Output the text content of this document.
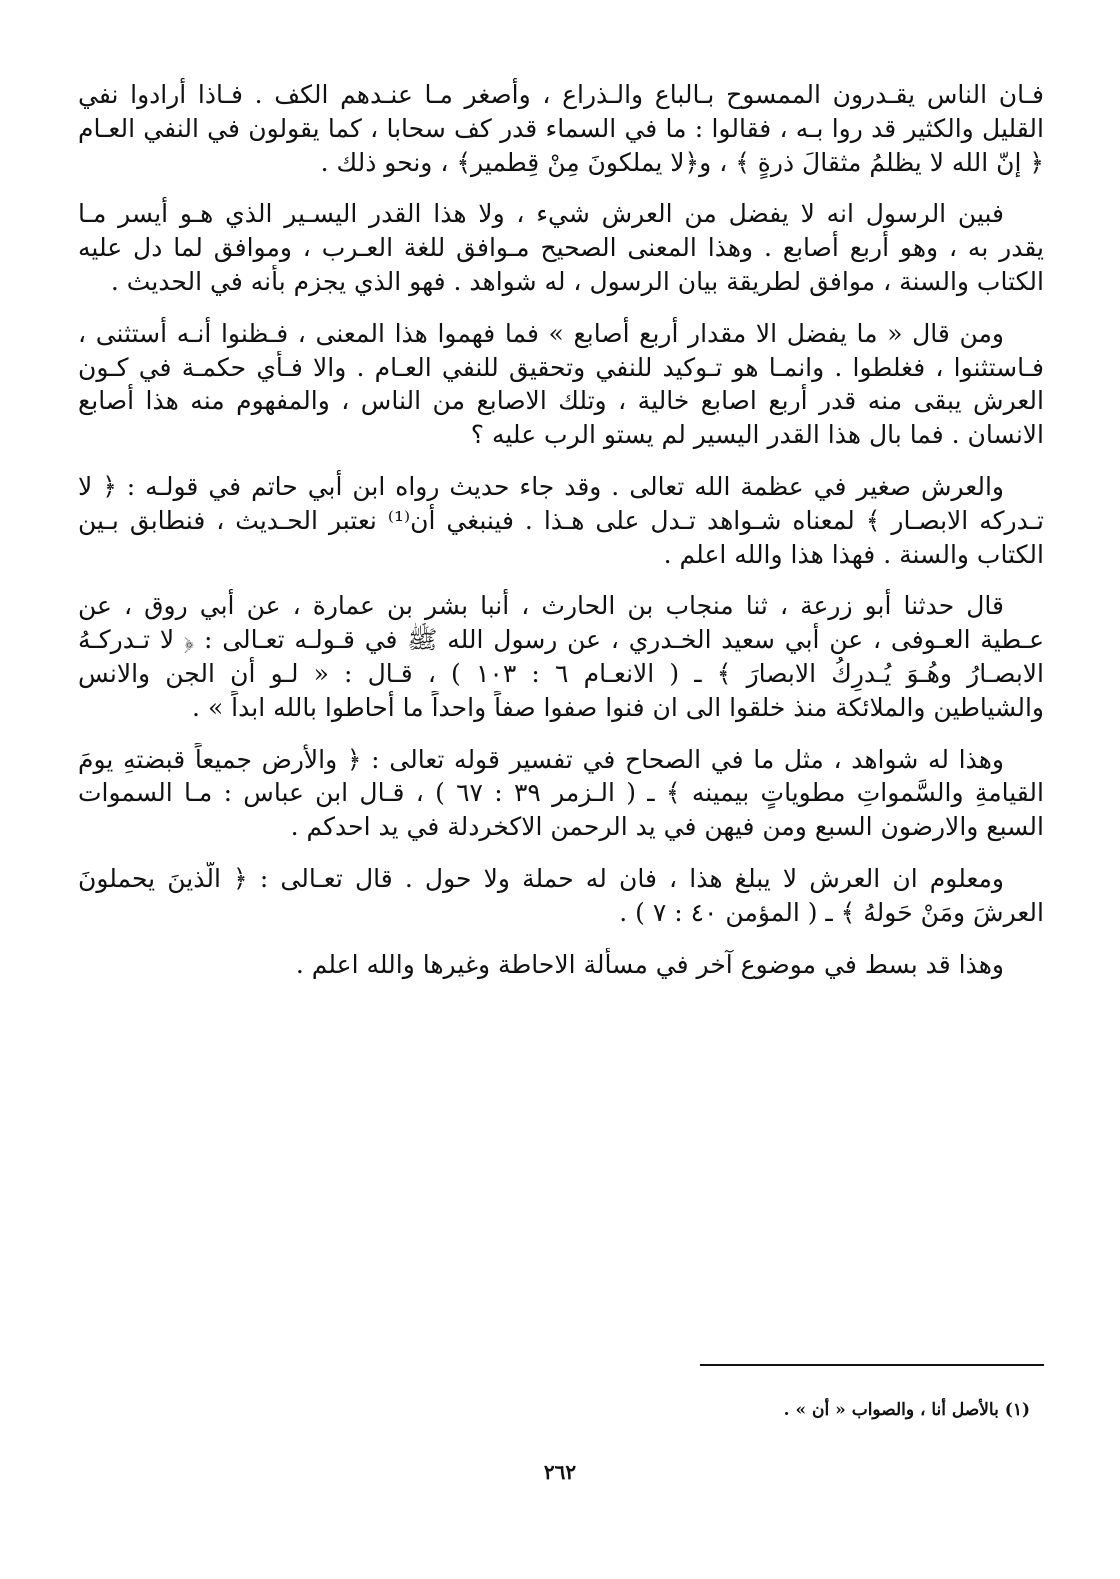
فـان الناس يقـدرون الممسوح بـالباع والـذراع ، وأصغر مـا عنـدهم الكف . فـاذا أرادوا نفي
القليل والكثير قد روا بـه ، فقالوا : ما في السماء قدر كف سحابا ، كما يقولون في النفي العـام
﴿ إنّ الله لا يظلمُ مثقالَ ذرةٍ ﴾ ، و﴿لا يملكونَ مِنْ قِطمير﴾ ، ونحو ذلك .
فبين الرسول انه لا يفضل من العرش شيء ، ولا هذا القدر اليسـير الذي هـو أيسر مـا
يقدر به ، وهو أربع أصابع . وهذا المعنى الصحيح مـوافق للغة العـرب ، وموافق لما دل عليه
الكتاب والسنة ، موافق لطريقة بيان الرسول ، له شواهد . فهو الذي يجزم بأنه في الحديث .
ومن قال « ما يفضل الا مقدار أربع أصابع » فما فهموا هذا المعنى ، فـظنوا أنـه أستثنى ،
فـاستثنوا ، فغلطوا . وانمـا هو تـوكيد للنفي وتحقيق للنفي العـام . والا فـأي حكمـة في كـون
العرش يبقى منه قدر أربع اصابع خالية ، وتلك الاصابع من الناس ، والمفهوم منه هذا أصابع
الانسان . فما بال هذا القدر اليسير لم يستو الرب عليه ؟
والعرش صغير في عظمة الله تعالى . وقد جاء حديث رواه ابن أبي حاتم في قولـه : ﴿ لا
تـدركه الابصـار ﴾ لمعناه شـواهد تـدل على هـذا . فينبغي أن⁽¹⁾ نعتبر الحـديث ، فنطابق بـين
الكتاب والسنة . فهذا هذا والله اعلم .
قال حدثنا أبو زرعة ، ثنا منجاب بن الحارث ، أنبا بشر بن عمارة ، عن أبي روق ، عن
عـطية العـوفى ، عن أبي سعيد الخـدري ، عن رسول الله ﷺ في قـولـه تعـالى : ﴿ لا تـدركـهُ
الابصـارُ وهُـوَ يُـدرِكُ الابصارَ ﴾ ـ ( الانعـام ٦ : ١٠٣ ) ، قـال : « لـو أن الجن والانس
والشياطين والملائكة منذ خلقوا الى ان فنوا صفوا صفاً واحداً ما أحاطوا بالله ابداً » .
وهذا له شواهد ، مثل ما في الصحاح في تفسير قوله تعالى : ﴿ والأرض جميعاً قبضتهِ يومَ
القيامةِ والسَّمواتِ مطوياتٍ بيمينه ﴾ ـ ( الـزمر ٣٩ : ٦٧ ) ، قـال ابن عباس : مـا السموات
السبع والارضون السبع ومن فيهن في يد الرحمن الاكخردلة في يد احدكم .
ومعلوم ان العرش لا يبلغ هذا ، فان له حملة ولا حول . قال تعـالى : ﴿ الَّذينَ يحملونَ
العرشَ ومَنْ حَولهُ ﴾ ـ ( المؤمن ٤٠ : ٧ ) .
وهذا قد بسط في موضوع آخر في مسألة الاحاطة وغيرها والله اعلم .
(١) بالأصل أنا ، والصواب « أن » .
٢٦٢
